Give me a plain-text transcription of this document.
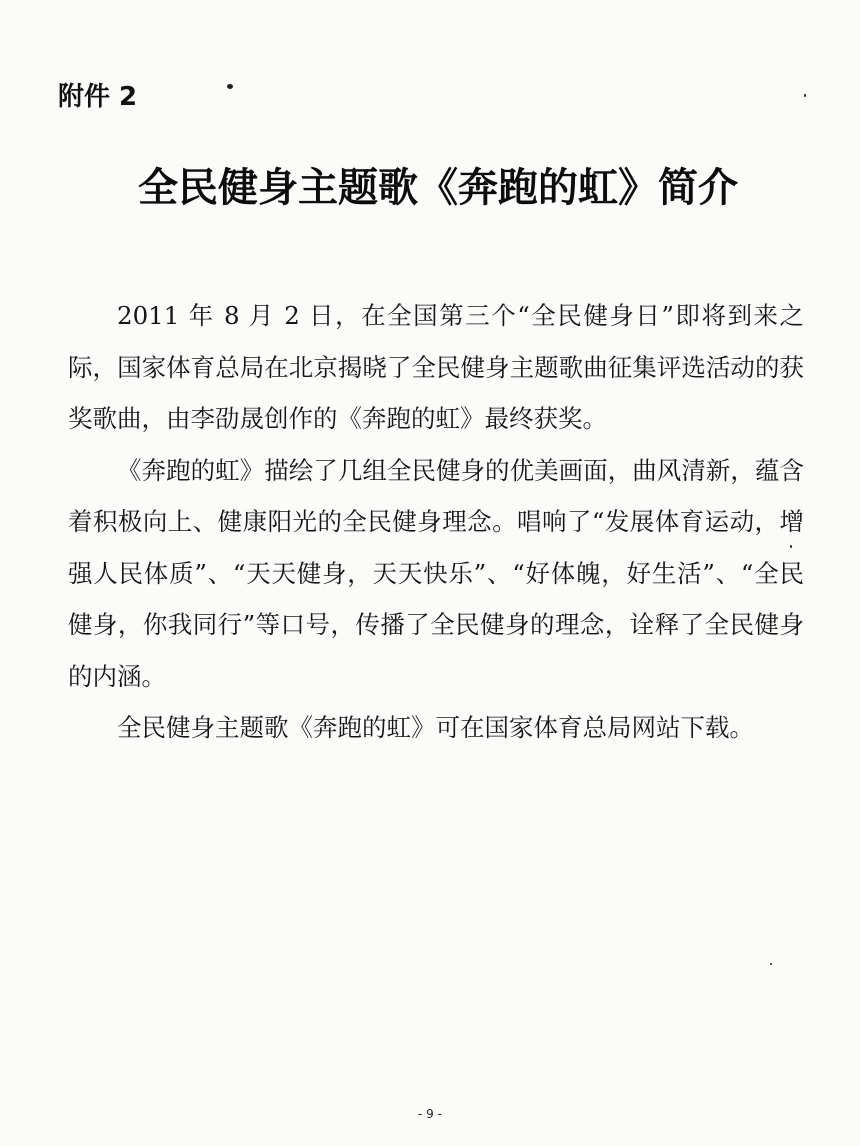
附件 2
全民健身主题歌《奔跑的虹》简介

2011 年 8 月 2 日，在全国第三个“全民健身日”即将到来之际，国家体育总局在北京揭晓了全民健身主题歌曲征集评选活动的获奖歌曲，由李劭晟创作的《奔跑的虹》最终获奖。

《奔跑的虹》描绘了几组全民健身的优美画面，曲风清新，蕴含着积极向上、健康阳光的全民健身理念。唱响了“发展体育运动，增强人民体质”、“天天健身，天天快乐”、“好体魄，好生活”、“全民健身，你我同行”等口号，传播了全民健身的理念，诠释了全民健身的内涵。

全民健身主题歌《奔跑的虹》可在国家体育总局网站下载。

- 9 -
